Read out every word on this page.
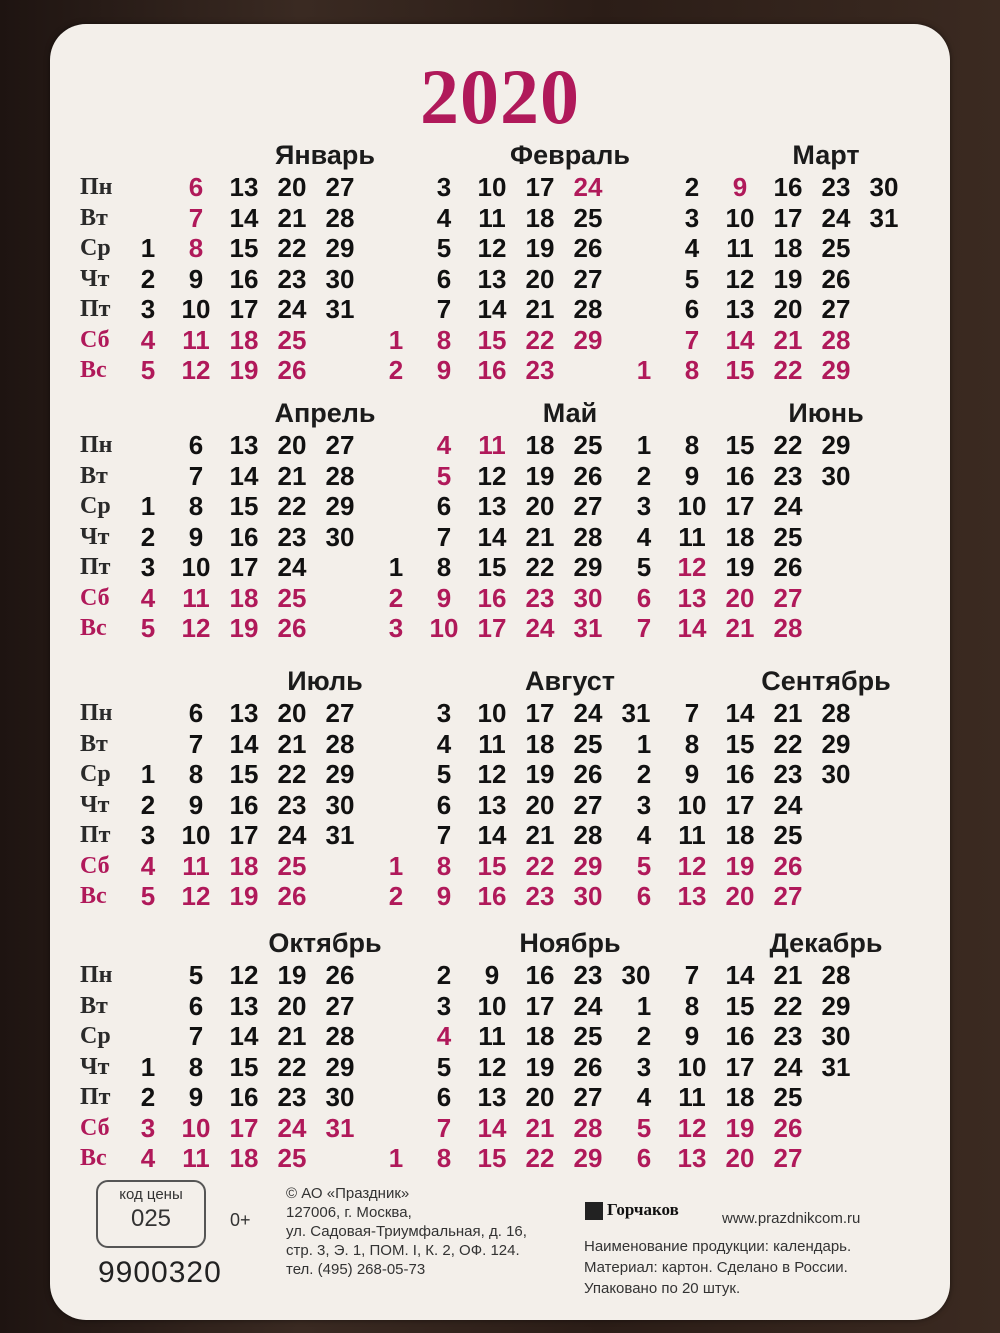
2020
Январь
Пн
Вт
Ср
Чт
Пт
Сб
Вс
1
2
3
4
5
6
7
8
9
10
11
12
13
14
15
16
17
18
19
20
21
22
23
24
25
26
27
28
29
30
31
Февраль
1
2
3
4
5
6
7
8
9
10
11
12
13
14
15
16
17
18
19
20
21
22
23
24
25
26
27
28
29
Март
1
2
3
4
5
6
7
8
9
10
11
12
13
14
15
16
17
18
19
20
21
22
23
24
25
26
27
28
29
30
31
Апрель
Пн
Вт
Ср
Чт
Пт
Сб
Вс
1
2
3
4
5
6
7
8
9
10
11
12
13
14
15
16
17
18
19
20
21
22
23
24
25
26
27
28
29
30
Май
1
2
3
4
5
6
7
8
9
10
11
12
13
14
15
16
17
18
19
20
21
22
23
24
25
26
27
28
29
30
31
Июнь
1
2
3
4
5
6
7
8
9
10
11
12
13
14
15
16
17
18
19
20
21
22
23
24
25
26
27
28
29
30
Июль
Пн
Вт
Ср
Чт
Пт
Сб
Вс
1
2
3
4
5
6
7
8
9
10
11
12
13
14
15
16
17
18
19
20
21
22
23
24
25
26
27
28
29
30
31
Август
1
2
3
4
5
6
7
8
9
10
11
12
13
14
15
16
17
18
19
20
21
22
23
24
25
26
27
28
29
30
31
Сентябрь
1
2
3
4
5
6
7
8
9
10
11
12
13
14
15
16
17
18
19
20
21
22
23
24
25
26
27
28
29
30
Октябрь
Пн
Вт
Ср
Чт
Пт
Сб
Вс
1
2
3
4
5
6
7
8
9
10
11
12
13
14
15
16
17
18
19
20
21
22
23
24
25
26
27
28
29
30
31
Ноябрь
1
2
3
4
5
6
7
8
9
10
11
12
13
14
15
16
17
18
19
20
21
22
23
24
25
26
27
28
29
30
Декабрь
1
2
3
4
5
6
7
8
9
10
11
12
13
14
15
16
17
18
19
20
21
22
23
24
25
26
27
28
29
30
31
код цены
025	0+
9900320
© АО «Праздник»
127006, г. Москва,
ул. Садовая-Триумфальная, д. 16,
стр. 3, Э. 1, ПОМ. I, К. 2, ОФ. 124.
тел. (495) 268-05-73
Горчаков	www.prazdnikcom.ru
Наименование продукции: календарь.
Материал: картон. Сделано в России.
Упаковано по 20 штук.
